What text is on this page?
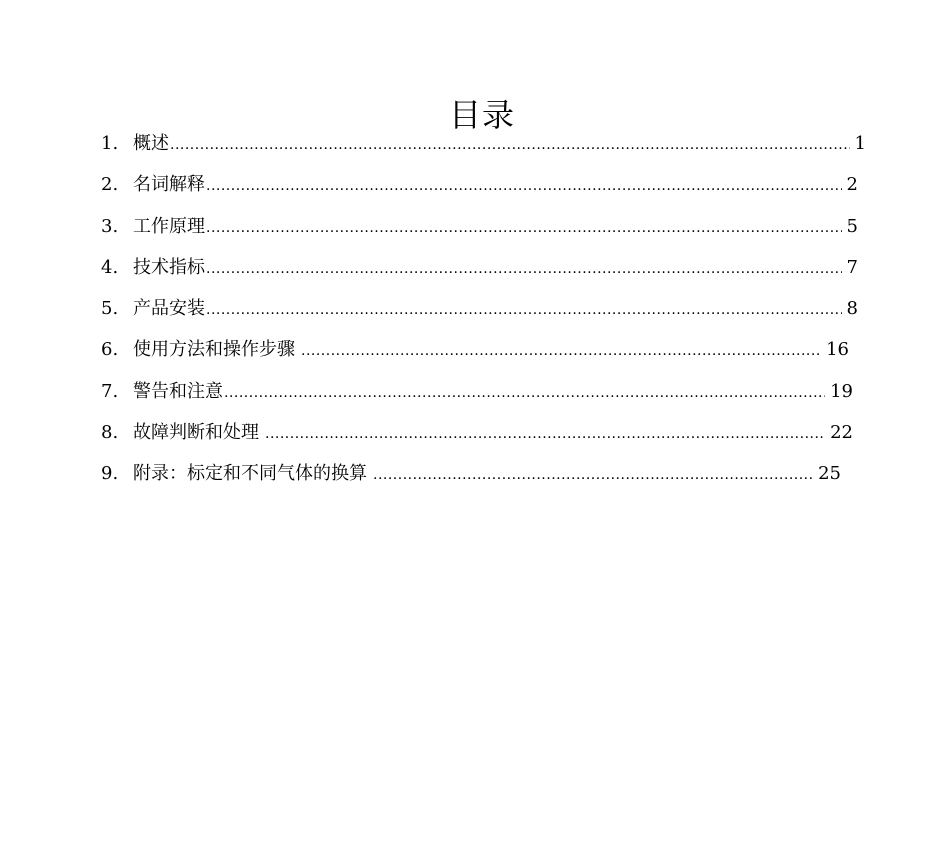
目录
1. 概述 .....	1
2. 名词解释 .....	2
3. 工作原理 .....	5
4. 技术指标 .....	7
5. 产品安装 .....	8
6. 使用方法和操作步骤 .....	16
7. 警告和注意 .....	19
8. 故障判断和处理 .....	22
9. 附录：标定和不同气体的换算 .....	25
